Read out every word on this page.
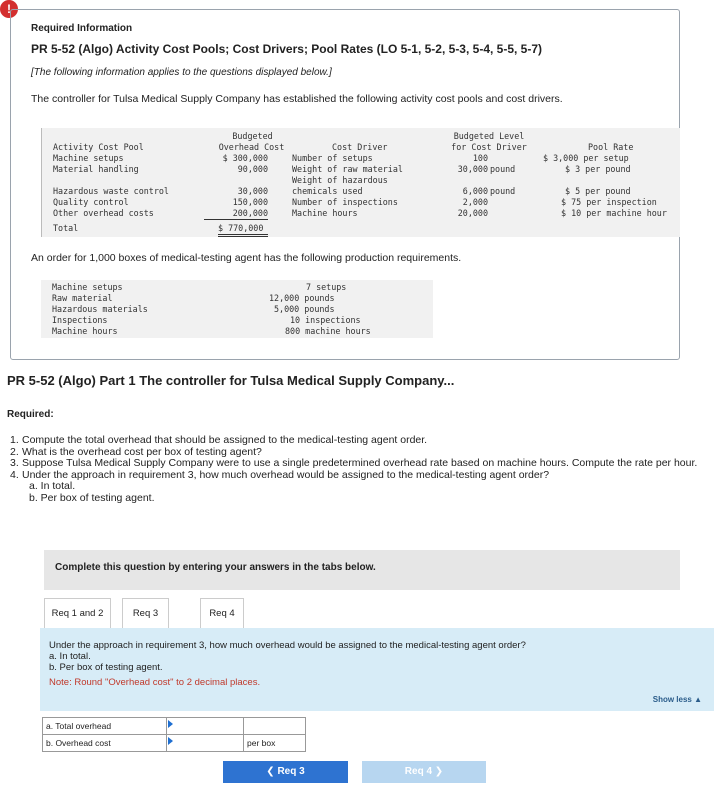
!
Required Information
PR 5-52 (Algo) Activity Cost Pools; Cost Drivers; Pool Rates (LO 5-1, 5-2, 5-3, 5-4, 5-5, 5-7)
[The following information applies to the questions displayed below.]
The controller for Tulsa Medical Supply Company has established the following activity cost pools and cost drivers.
Activity Cost Pool
Budgeted
Overhead Cost	Cost Driver
Budgeted Level
for Cost Driver	Pool Rate
Machine setups	$ 300,000	Number of setups	100	$ 3,000 per setup
Material handling	90,000	Weight of raw material	30,000 pound	$ 3 per pound
Weight of hazardous
Hazardous waste control	30,000	chemicals used	6,000 pound	$ 5 per pound
Quality control	150,000	Number of inspections	2,000	$ 75 per inspection
Other overhead costs	200,000	Machine hours	20,000	$ 10 per machine hour
Total	$ 770,000
An order for 1,000 boxes of medical-testing agent has the following production requirements.
Machine setups	7 setups
Raw material	12,000 pounds
Hazardous materials	5,000 pounds
Inspections	10 inspections
Machine hours	800 machine hours
PR 5-52 (Algo) Part 1 The controller for Tulsa Medical Supply Company...
Required:
1. Compute the total overhead that should be assigned to the medical-testing agent order.
2. What is the overhead cost per box of testing agent?
3. Suppose Tulsa Medical Supply Company were to use a single predetermined overhead rate based on machine hours. Compute the rate per hour.
4. Under the approach in requirement 3, how much overhead would be assigned to the medical-testing agent order?
a. In total.
b. Per box of testing agent.
Complete this question by entering your answers in the tabs below.
Req 1 and 2	Req 3	Req 4
Under the approach in requirement 3, how much overhead would be assigned to the medical-testing agent order?
a. In total.
b. Per box of testing agent.
Note: Round "Overhead cost" to 2 decimal places.
Show less ▲
a. Total overhead		
b. Overhead cost		per box
❮ Req 3	Req 4 ❯
